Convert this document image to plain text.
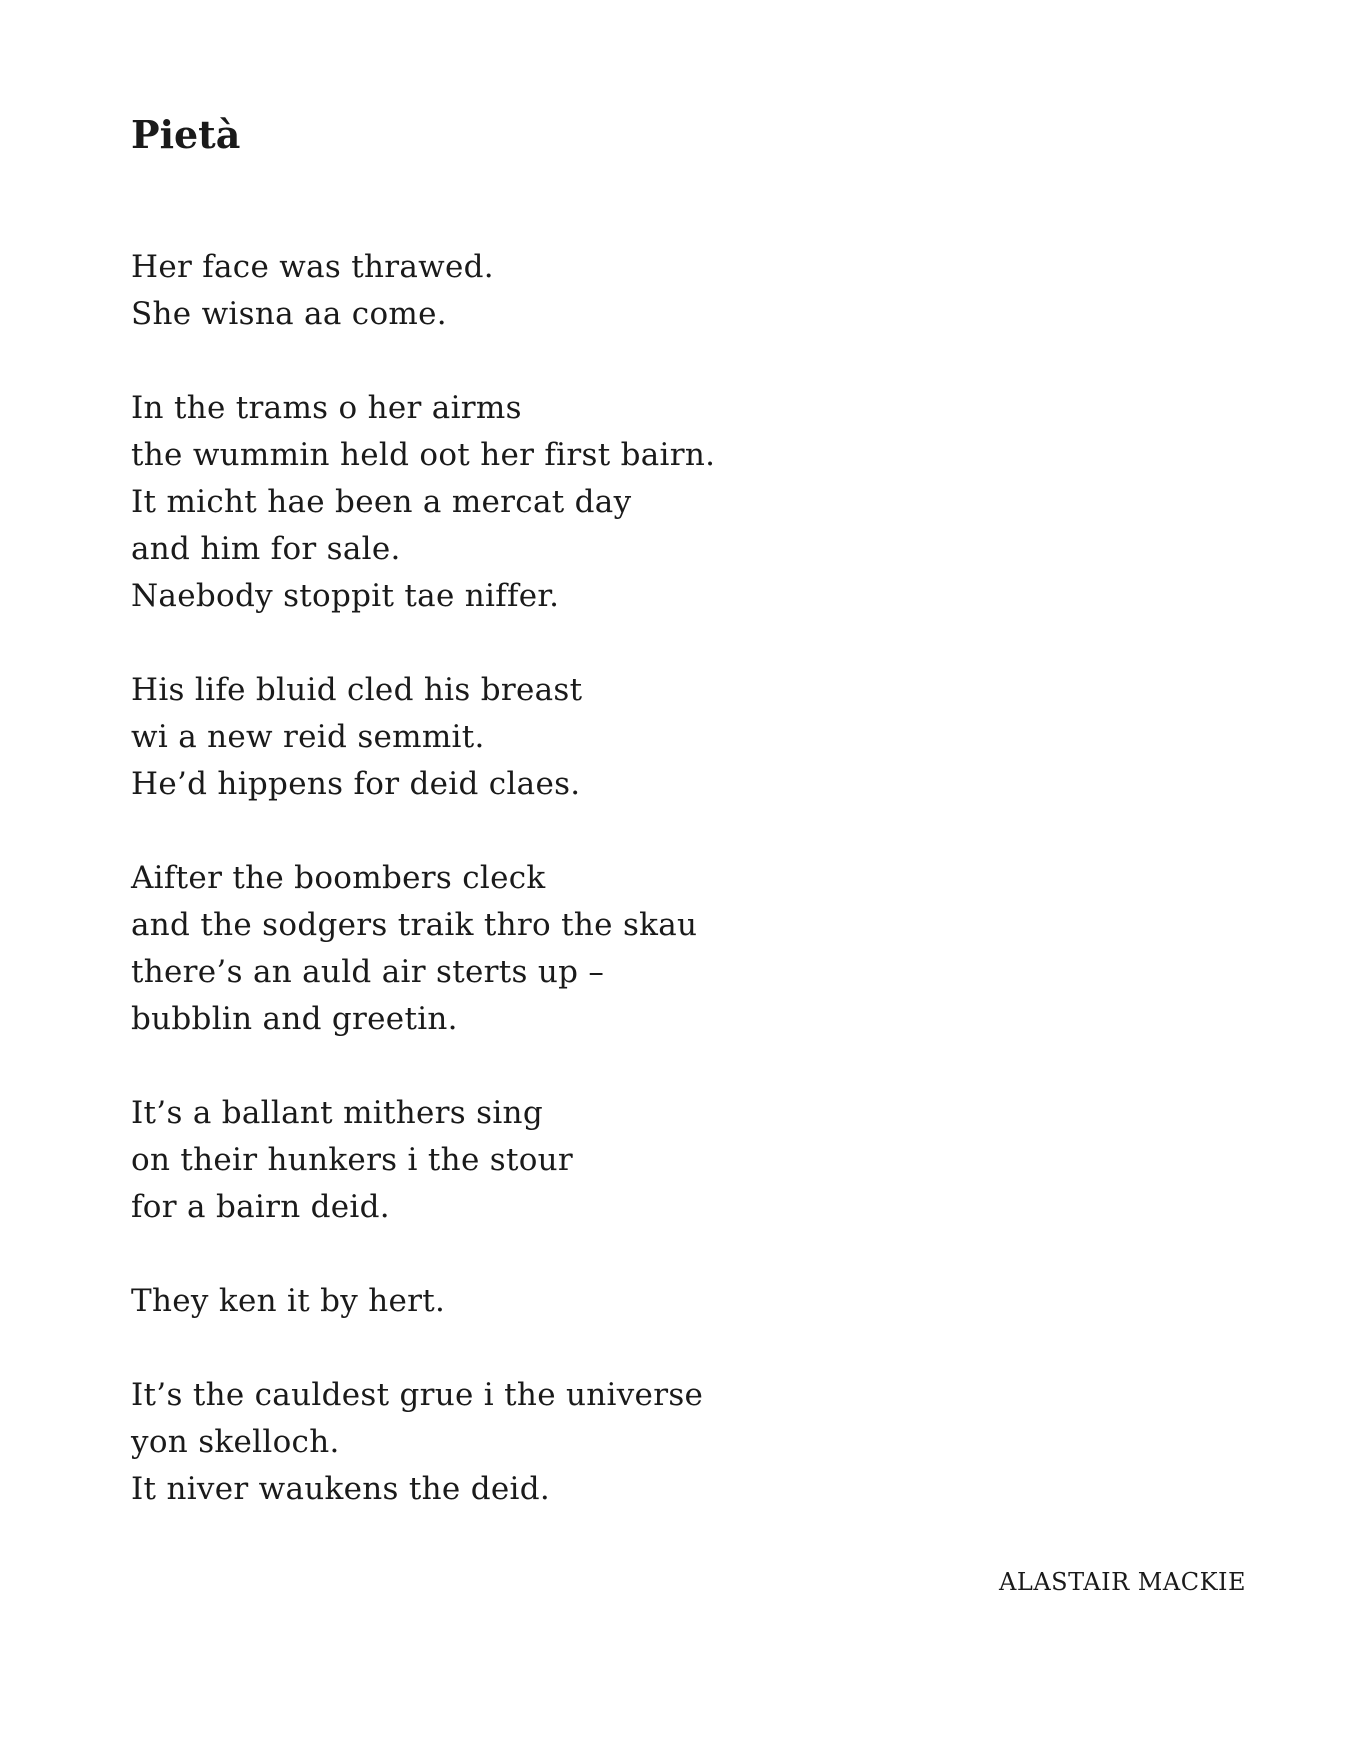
Pietà
Her face was thrawed.
She wisna aa come.
In the trams o her airms
the wummin held oot her first bairn.
It micht hae been a mercat day
and him for sale.
Naebody stoppit tae niffer.
His life bluid cled his breast
wi a new reid semmit.
He’d hippens for deid claes.
Aifter the boombers cleck
and the sodgers traik thro the skau
there’s an auld air sterts up –
bubblin and greetin.
It’s a ballant mithers sing
on their hunkers i the stour
for a bairn deid.
They ken it by hert.
It’s the cauldest grue i the universe
yon skelloch.
It niver waukens the deid.
ALASTAIR MACKIE
